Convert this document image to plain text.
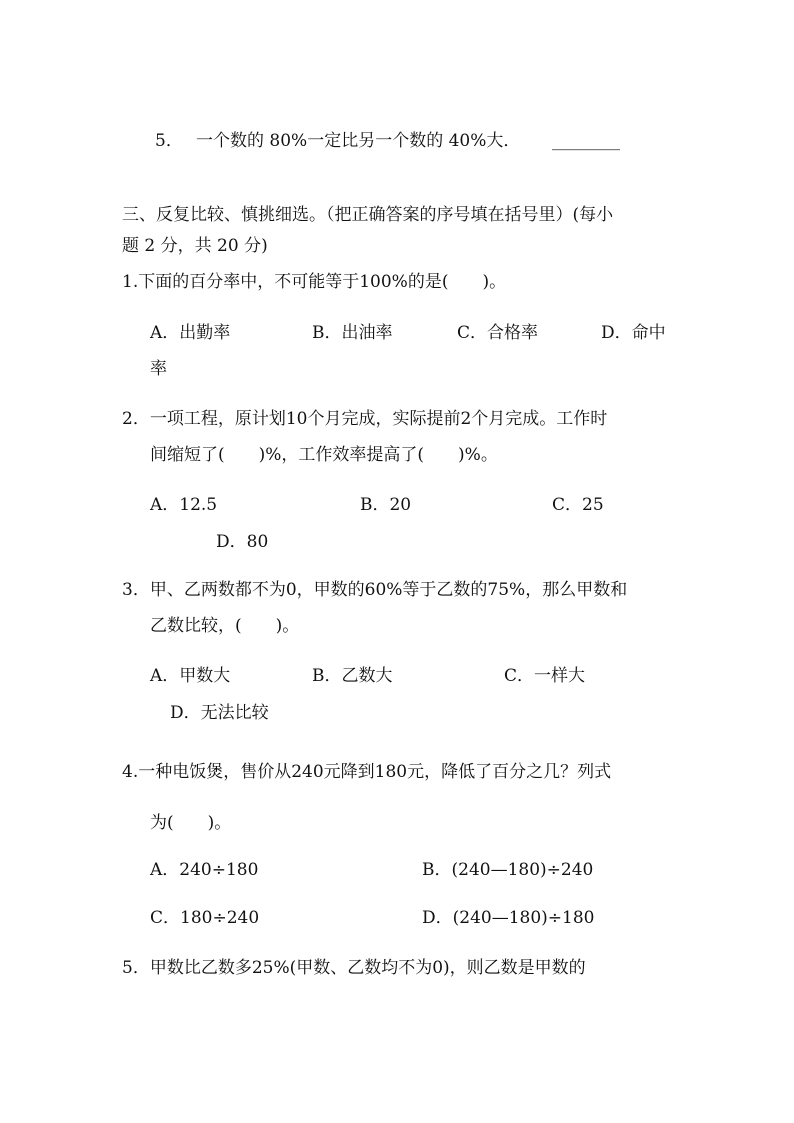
5． 一个数的 80%一定比另一个数的 40%大． ________
三、反复比较、慎挑细选。（把正确答案的序号填在括号里）(每小
题 2 分，共 20 分)
1.下面的百分率中，不可能等于100%的是(　　)。
A．出勤率	B．出油率	C．合格率	D．命中
率
2．一项工程，原计划10个月完成，实际提前2个月完成。工作时
间缩短了(　　)%，工作效率提高了(　　)%。
A．12.5	B．20	C．25
D．80
3．甲、乙两数都不为0，甲数的60%等于乙数的75%，那么甲数和
乙数比较，(　　)。
A．甲数大	B．乙数大	C．一样大
D．无法比较
4.一种电饭煲，售价从240元降到180元，降低了百分之几？列式
为(　　)。
A．240÷180	B．(240—180)÷240
C．180÷240	D．(240—180)÷180
5．甲数比乙数多25%(甲数、乙数均不为0)，则乙数是甲数的
